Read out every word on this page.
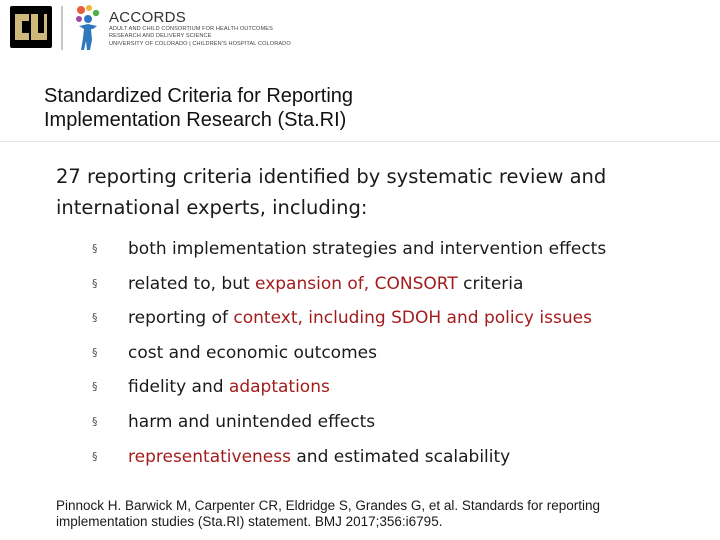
ACCORDS
ADULT AND CHILD CONSORTIUM FOR HEALTH OUTCOMES
RESEARCH AND DELIVERY SCIENCE
UNIVERSITY OF COLORADO | CHILDREN'S HOSPITAL COLORADO
Standardized Criteria for Reporting
Implementation Research (Sta.RI)
27 reporting criteria identified by systematic review and international experts, including:
§ both implementation strategies and intervention effects
§ related to, but expansion of, CONSORT criteria
§ reporting of context, including SDOH and policy issues
§ cost and economic outcomes
§ fidelity and adaptations
§ harm and unintended effects
§ representativeness and estimated scalability
Pinnock H. Barwick M, Carpenter CR, Eldridge S, Grandes G, et al. Standards for reporting
implementation studies (Sta.RI) statement. BMJ 2017;356:i6795.
